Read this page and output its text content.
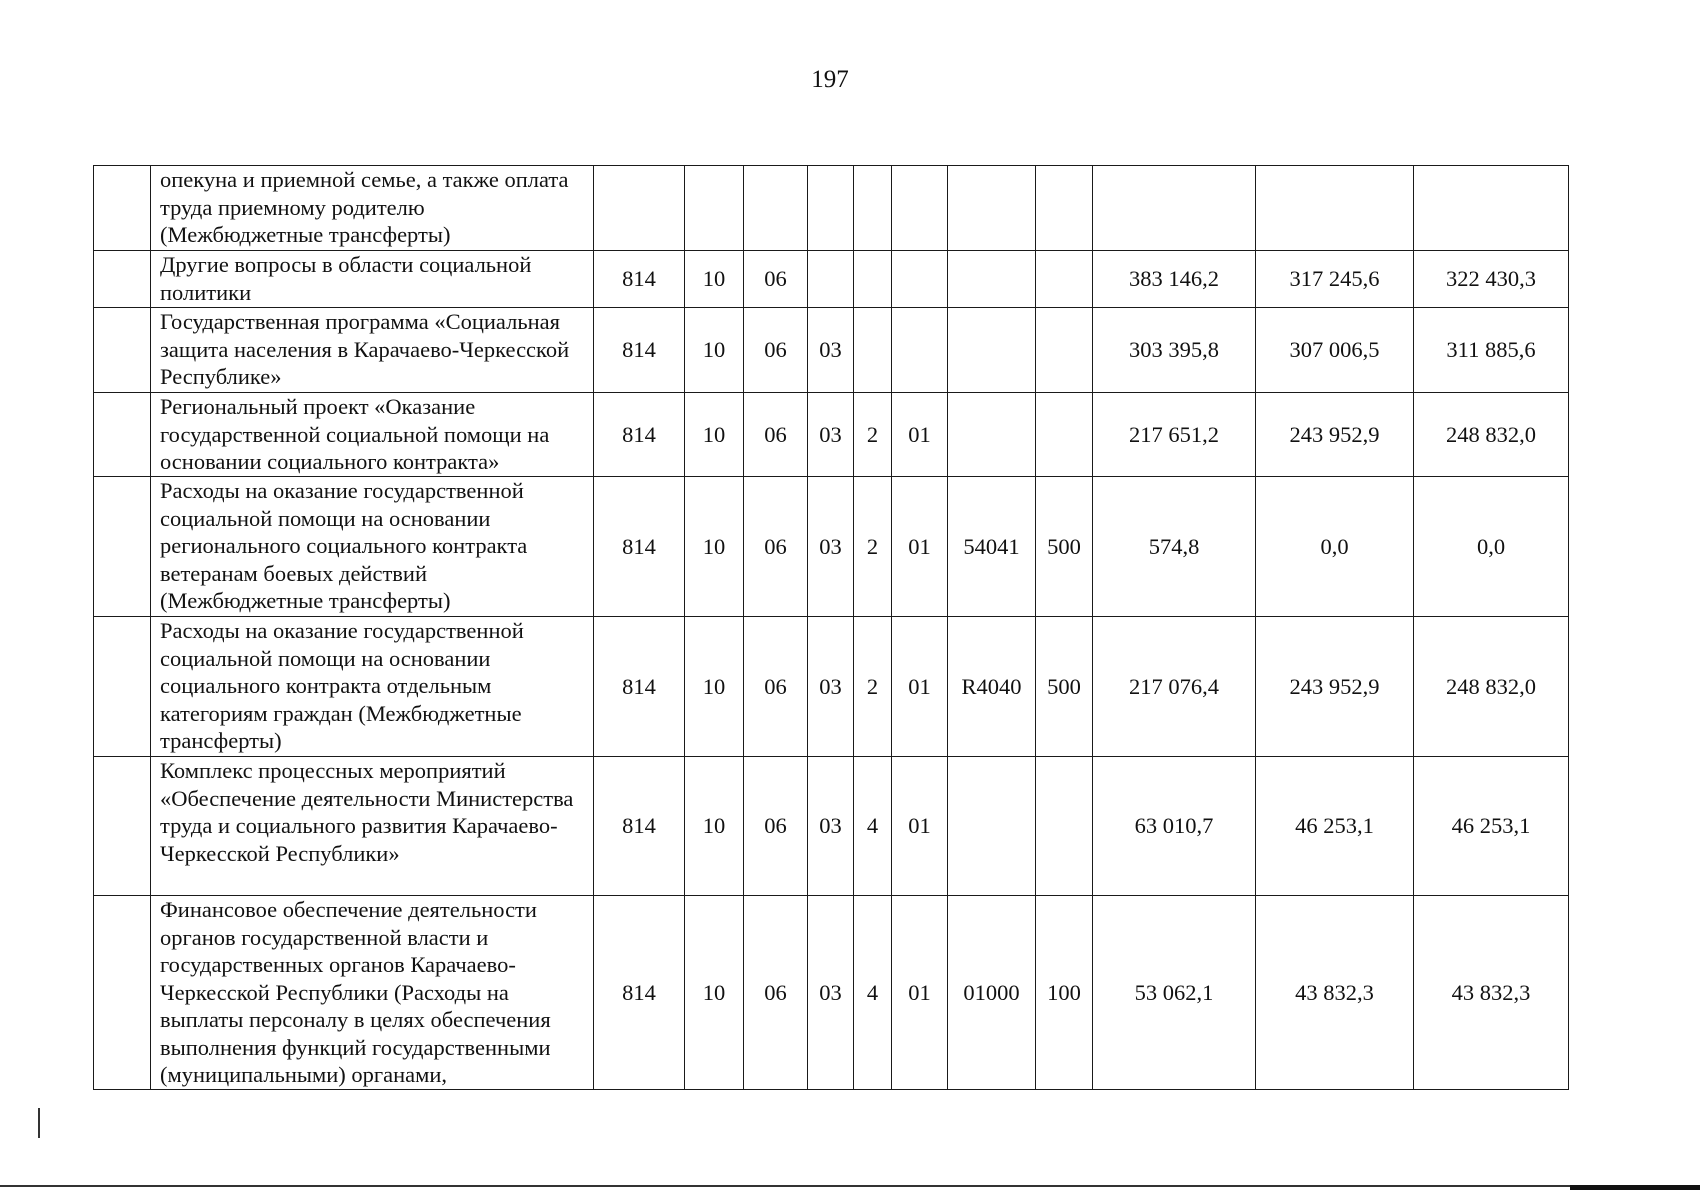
197
	опекуна и приемной семье, а также оплата труда приемному родителю (Межбюджетные трансферты)											
	Другие вопросы в области социальной политики	814	10	06						383 146,2	317 245,6	322 430,3
	Государственная программа «Социальная защита населения в Карачаево-Черкесской Республике»	814	10	06	03					303 395,8	307 006,5	311 885,6
	Региональный проект «Оказание государственной социальной помощи на основании социального контракта»	814	10	06	03	2	01			217 651,2	243 952,9	248 832,0
	Расходы на оказание государственной социальной помощи на основании регионального социального контракта ветеранам боевых действий (Межбюджетные трансферты)	814	10	06	03	2	01	54041	500	574,8	0,0	0,0
	Расходы на оказание государственной социальной помощи на основании социального контракта отдельным категориям граждан (Межбюджетные трансферты)	814	10	06	03	2	01	R4040	500	217 076,4	243 952,9	248 832,0
	Комплекс процессных мероприятий «Обеспечение деятельности Министерства труда и социального развития Карачаево-Черкесской Республики»	814	10	06	03	4	01			63 010,7	46 253,1	46 253,1
	Финансовое обеспечение деятельности органов государственной власти и государственных органов Карачаево-Черкесской Республики (Расходы на выплаты персоналу в целях обеспечения выполнения функций государственными (муниципальными) органами,	814	10	06	03	4	01	01000	100	53 062,1	43 832,3	43 832,3
